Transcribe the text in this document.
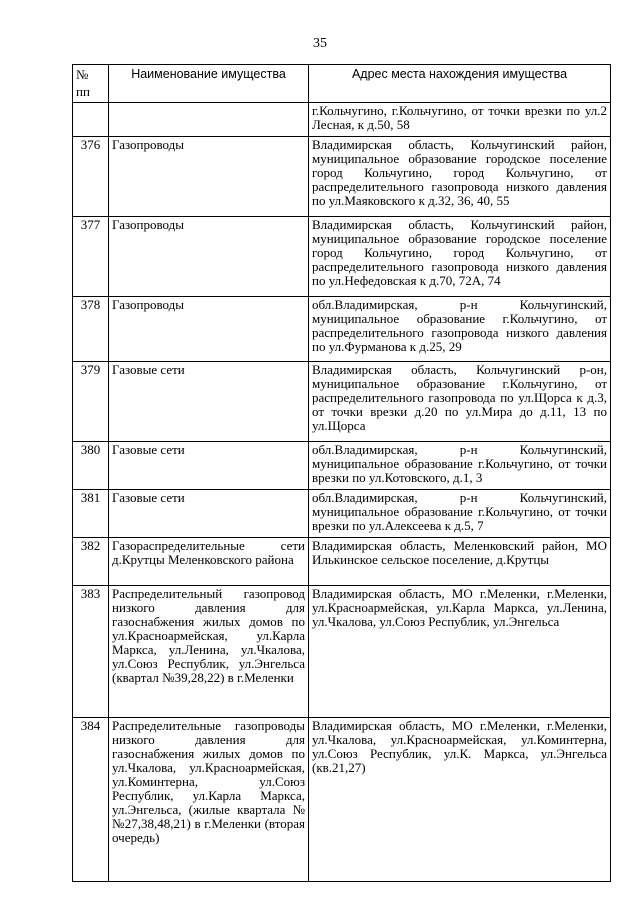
35
№ пп	Наименование имущества	Адрес места нахождения имущества
		г.Кольчугино, г.Кольчугино, от точки врезки по ул.2 Лесная, к д.50, 58
376	Газопроводы	Владимирская область, Кольчугинский район, муниципальное образование городское поселение город Кольчугино, город Кольчугино, от распределительного газопровода низкого давления по ул.Маяковского к д.32, 36, 40, 55
377	Газопроводы	Владимирская область, Кольчугинский район, муниципальное образование городское поселение город Кольчугино, город Кольчугино, от распределительного газопровода низкого давления по ул.Нефедовская к д.70, 72А, 74
378	Газопроводы	обл.Владимирская, р-н Кольчугинский, муниципальное образование г.Кольчугино, от распределительного газопровода низкого давления по ул.Фурманова к д.25, 29
379	Газовые сети	Владимирская область, Кольчугинский р-он, муниципальное образование г.Кольчугино, от распределительного газопровода по ул.Щорса к д.3, от точки врезки д.20 по ул.Мира до д.11, 13 по ул.Щорса
380	Газовые сети	обл.Владимирская, р-н Кольчугинский, муниципальное образование г.Кольчугино, от точки врезки по ул.Котовского, д.1, 3
381	Газовые сети	обл.Владимирская, р-н Кольчугинский, муниципальное образование г.Кольчугино, от точки врезки по ул.Алексеева к д.5, 7
382	Газораспределительные сети д.Крутцы Меленковского района	Владимирская область, Меленковский район, МО Илькинское сельское поселение, д.Крутцы
383	Распределительный газопровод низкого давления для газоснабжения жилых домов по ул.Красноармейская, ул.Карла Маркса, ул.Ленина, ул.Чкалова, ул.Союз Республик, ул.Энгельса (квартал №39,28,22) в г.Меленки	Владимирская область, МО г.Меленки, г.Меленки, ул.Красноармейская, ул.Карла Маркса, ул.Ленина, ул.Чкалова, ул.Союз Республик, ул.Энгельса
384	Распределительные газопроводы низкого давления для газоснабжения жилых домов по ул.Чкалова, ул.Красноармейская, ул.Коминтерна, ул.Союз Республик, ул.Карла Маркса, ул.Энгельса, (жилые квартала №№27,38,48,21) в г.Меленки (вторая очередь)	Владимирская область, МО г.Меленки, г.Меленки, ул.Чкалова, ул.Красноармейская, ул.Коминтерна, ул.Союз Республик, ул.К. Маркса, ул.Энгельса (кв.21,27)
